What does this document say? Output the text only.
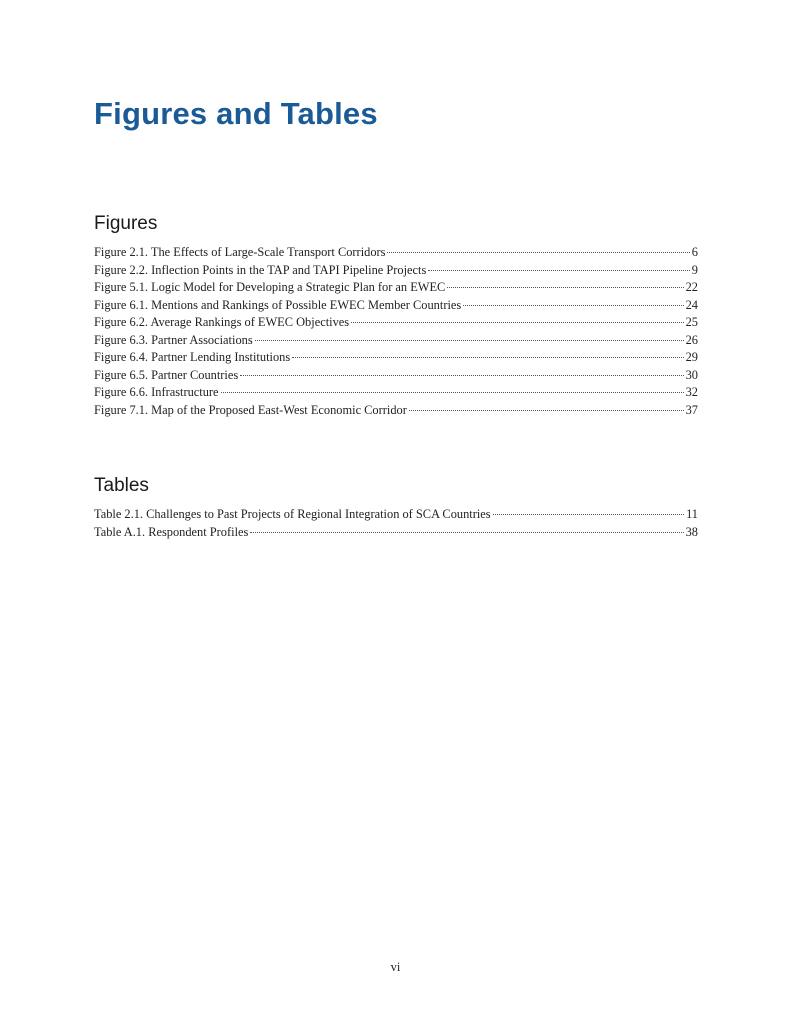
Figures and Tables
Figures
Figure 2.1. The Effects of Large-Scale Transport Corridors	6
Figure 2.2. Inflection Points in the TAP and TAPI Pipeline Projects	9
Figure 5.1. Logic Model for Developing a Strategic Plan for an EWEC	22
Figure 6.1. Mentions and Rankings of Possible EWEC Member Countries	24
Figure 6.2. Average Rankings of EWEC Objectives	25
Figure 6.3. Partner Associations	26
Figure 6.4. Partner Lending Institutions	29
Figure 6.5. Partner Countries	30
Figure 6.6. Infrastructure	32
Figure 7.1. Map of the Proposed East-West Economic Corridor	37
Tables
Table 2.1. Challenges to Past Projects of Regional Integration of SCA Countries	11
Table A.1. Respondent Profiles	38
vi
